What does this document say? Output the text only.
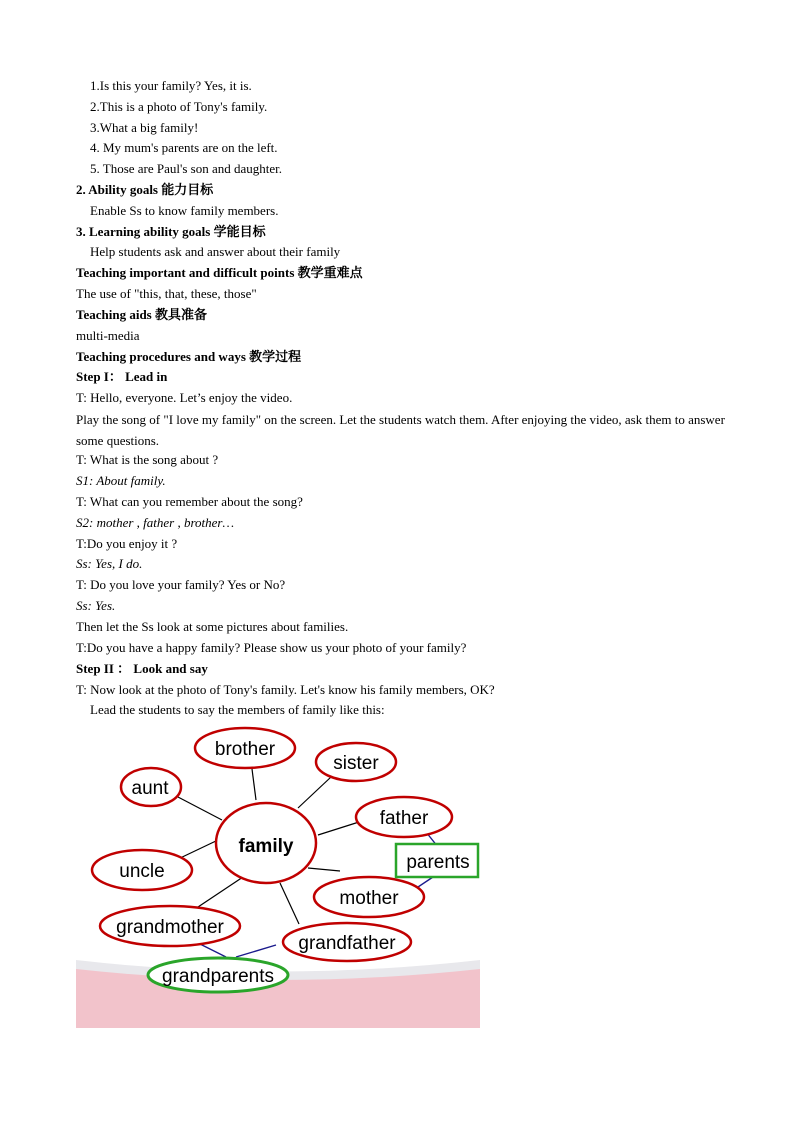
1.Is this your family? Yes, it is.
2.This is a photo of Tony's family.
3.What a big family!
4. My mum's parents are on the left.
5. Those are Paul's son and daughter.
2. Ability goals 能力目标
Enable Ss to know family members.
3. Learning ability goals 学能目标
Help students ask and answer about their family
Teaching important and difficult points 教学重难点
The use of "this, that, these, those"
Teaching aids 教具准备
multi-media
Teaching procedures and ways 教学过程
Step I： Lead in
T: Hello, everyone. Let’s enjoy the video.
Play the song of "I love my family" on the screen. Let the students watch them. After enjoying the video, ask them to answer some questions.
T: What is the song about ?
S1: About family.
T: What can you remember about the song?
S2: mother , father , brother…
T:Do you enjoy it ?
Ss: Yes, I do.
T: Do you love your family? Yes or No?
Ss: Yes.
Then let the Ss look at some pictures about families.
T:Do you have a happy family? Please show us your photo of your family?
Step II ： Look and say
T: Now look at the photo of Tony's family. Let's know his family members, OK?
Lead the students to say the members of family like this:
brother
sister
aunt
father
uncle
mother
grandmother
grandfather
family
parents
grandparents
